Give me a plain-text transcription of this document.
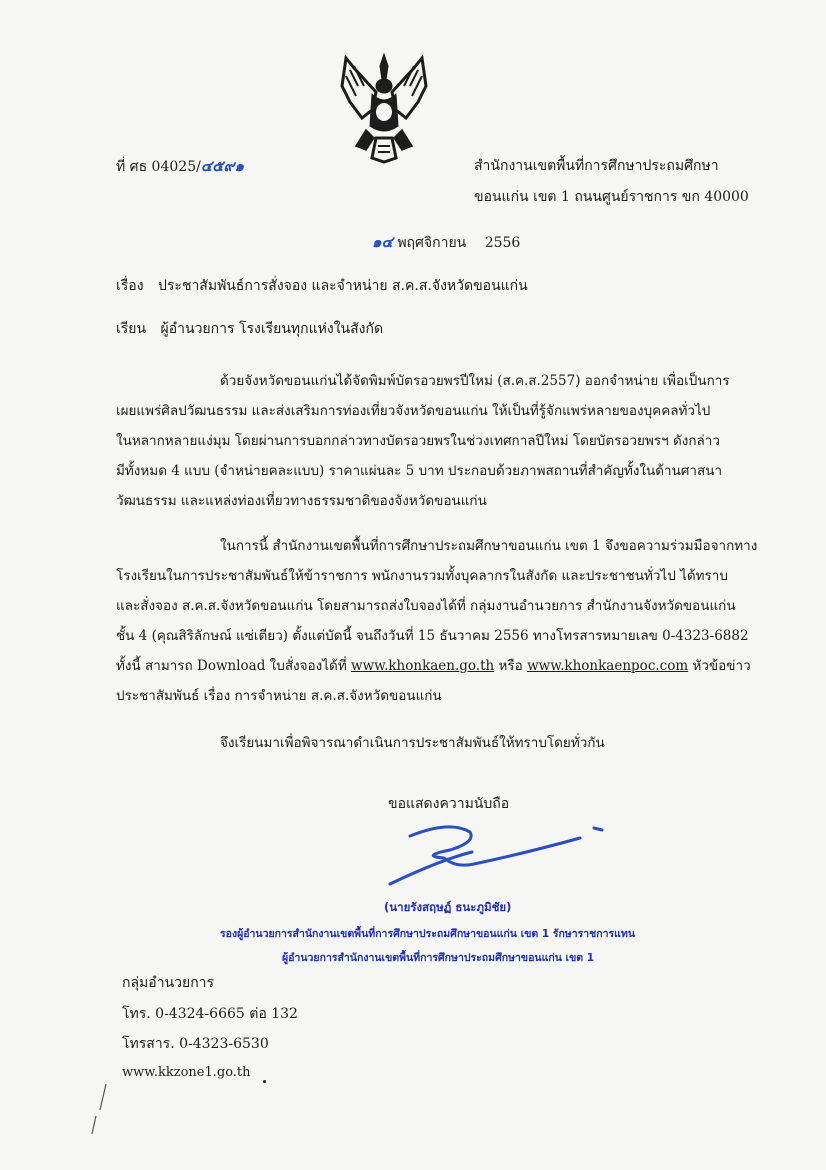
ที่ ศธ 04025/๔๕๙๑	สำนักงานเขตพื้นที่การศึกษาประถมศึกษา
ขอนแก่น เขต 1 ถนนศูนย์ราชการ ขก 40000
๑๔ พฤศจิกายน 2556
เรื่อง ประชาสัมพันธ์การสั่งจอง และจำหน่าย ส.ค.ส.จังหวัดขอนแก่น
เรียน ผู้อำนวยการ โรงเรียนทุกแห่งในสังกัด
ด้วยจังหวัดขอนแก่นได้จัดพิมพ์บัตรอวยพรปีใหม่ (ส.ค.ส.2557) ออกจำหน่าย เพื่อเป็นการ
เผยแพร่ศิลปวัฒนธรรม และส่งเสริมการท่องเที่ยวจังหวัดขอนแก่น ให้เป็นที่รู้จักแพร่หลายของบุคคลทั่วไป
ในหลากหลายแง่มุม โดยผ่านการบอกกล่าวทางบัตรอวยพรในช่วงเทศกาลปีใหม่ โดยบัตรอวยพรฯ ดังกล่าว
มีทั้งหมด 4 แบบ (จำหน่ายคละแบบ) ราคาแผ่นละ 5 บาท ประกอบด้วยภาพสถานที่สำคัญทั้งในด้านศาสนา
วัฒนธรรม และแหล่งท่องเที่ยวทางธรรมชาติของจังหวัดขอนแก่น
ในการนี้ สำนักงานเขตพื้นที่การศึกษาประถมศึกษาขอนแก่น เขต 1 จึงขอความร่วมมือจากทาง
โรงเรียนในการประชาสัมพันธ์ให้ข้าราชการ พนักงานรวมทั้งบุคลากรในสังกัด และประชาชนทั่วไป ได้ทราบ
และสั่งจอง ส.ค.ส.จังหวัดขอนแก่น โดยสามารถส่งใบจองได้ที่ กลุ่มงานอำนวยการ สำนักงานจังหวัดขอนแก่น
ชั้น 4 (คุณสิริลักษณ์ แซ่เตียว) ตั้งแต่บัดนี้ จนถึงวันที่ 15 ธันวาคม 2556 ทางโทรสารหมายเลข 0-4323-6882
ทั้งนี้ สามารถ Download ใบสั่งจองได้ที่ www.khonkaen.go.th หรือ www.khonkaenpoc.com หัวข้อข่าว
ประชาสัมพันธ์ เรื่อง การจำหน่าย ส.ค.ส.จังหวัดขอนแก่น
จึงเรียนมาเพื่อพิจารณาดำเนินการประชาสัมพันธ์ให้ทราบโดยทั่วกัน
ขอแสดงความนับถือ
(นายรังสฤษฏ์ ธนะภูมิชัย)
รองผู้อำนวยการสำนักงานเขตพื้นที่การศึกษาประถมศึกษาขอนแก่น เขต 1 รักษาราชการแทน
ผู้อำนวยการสำนักงานเขตพื้นที่การศึกษาประถมศึกษาขอนแก่น เขต 1
กลุ่มอำนวยการ
โทร. 0-4324-6665 ต่อ 132
โทรสาร. 0-4323-6530
www.kkzone1.go.th
